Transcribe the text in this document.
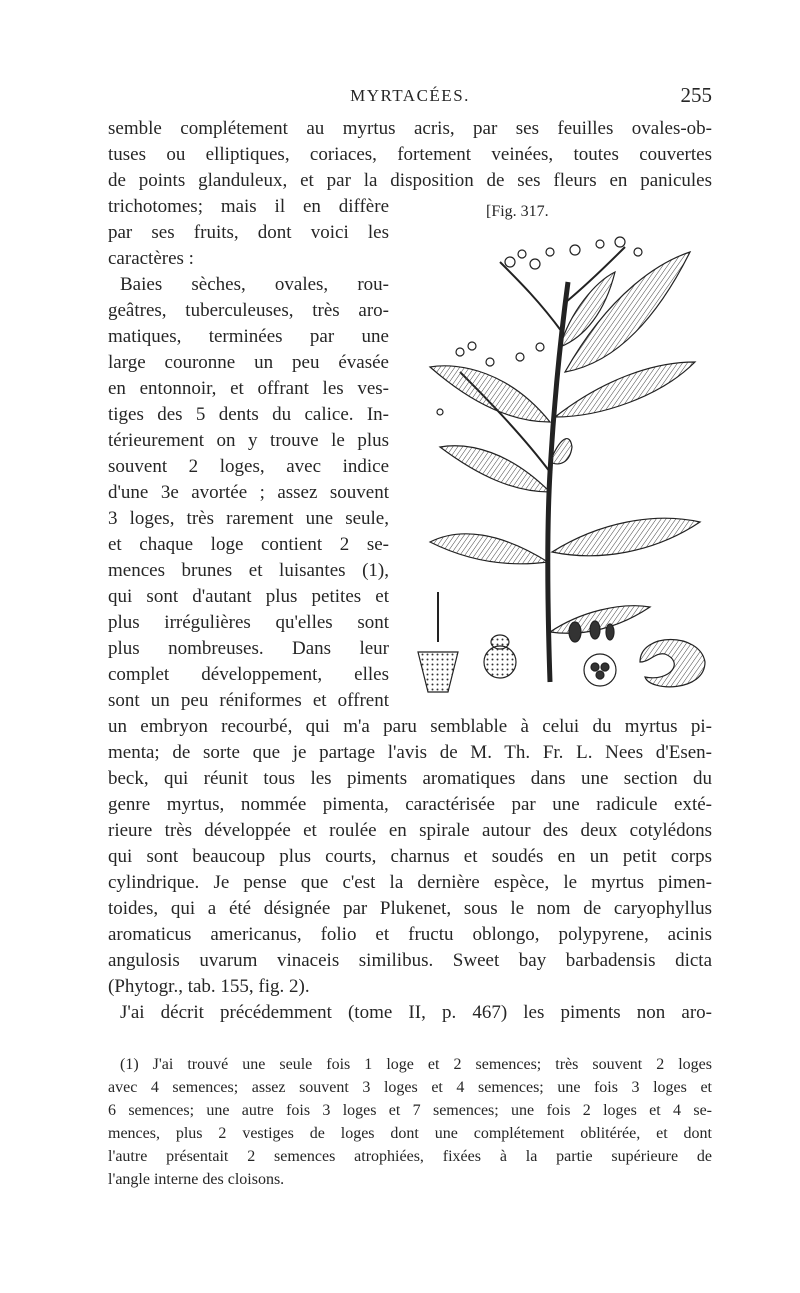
MYRTACÉES.	255
semble complétement au myrtus acris, par ses feuilles ovales-ob-
tuses ou elliptiques, coriaces, fortement veinées, toutes couvertes
de points glanduleux, et par la disposition de ses fleurs en panicules
trichotomes; mais il en diffère
par ses fruits, dont voici les
caractères :
Baies sèches, ovales, rou-
geâtres, tuberculeuses, très aro-
matiques, terminées par une
large couronne un peu évasée
en entonnoir, et offrant les ves-
tiges des 5 dents du calice. In-
térieurement on y trouve le plus
souvent 2 loges, avec indice
d'une 3e avortée ; assez souvent
3 loges, très rarement une seule,
et chaque loge contient 2 se-
mences brunes et luisantes (1),
qui sont d'autant plus petites et
plus irrégulières qu'elles sont
plus nombreuses. Dans leur
complet développement, elles
sont un peu réniformes et offrent
un embryon recourbé, qui m'a paru semblable à celui du myrtus pi-
menta; de sorte que je partage l'avis de M. Th. Fr. L. Nees d'Esen-
beck, qui réunit tous les piments aromatiques dans une section du
genre myrtus, nommée pimenta, caractérisée par une radicule exté-
rieure très développée et roulée en spirale autour des deux cotylédons
qui sont beaucoup plus courts, charnus et soudés en un petit corps
cylindrique. Je pense que c'est la dernière espèce, le myrtus pimen-
toides, qui a été désignée par Plukenet, sous le nom de caryophyllus
aromaticus americanus, folio et fructu oblongo, polypyrene, acinis
angulosis uvarum vinaceis similibus. Sweet bay barbadensis dicta
(Phytogr., tab. 155, fig. 2).
J'ai décrit précédemment (tome II, p. 467) les piments non aro-
[Fig. 317.
(1) J'ai trouvé une seule fois 1 loge et 2 semences; très souvent 2 loges
avec 4 semences; assez souvent 3 loges et 4 semences; une fois 3 loges et
6 semences; une autre fois 3 loges et 7 semences; une fois 2 loges et 4 se-
mences, plus 2 vestiges de loges dont une complétement oblitérée, et dont
l'autre présentait 2 semences atrophiées, fixées à la partie supérieure de
l'angle interne des cloisons.
